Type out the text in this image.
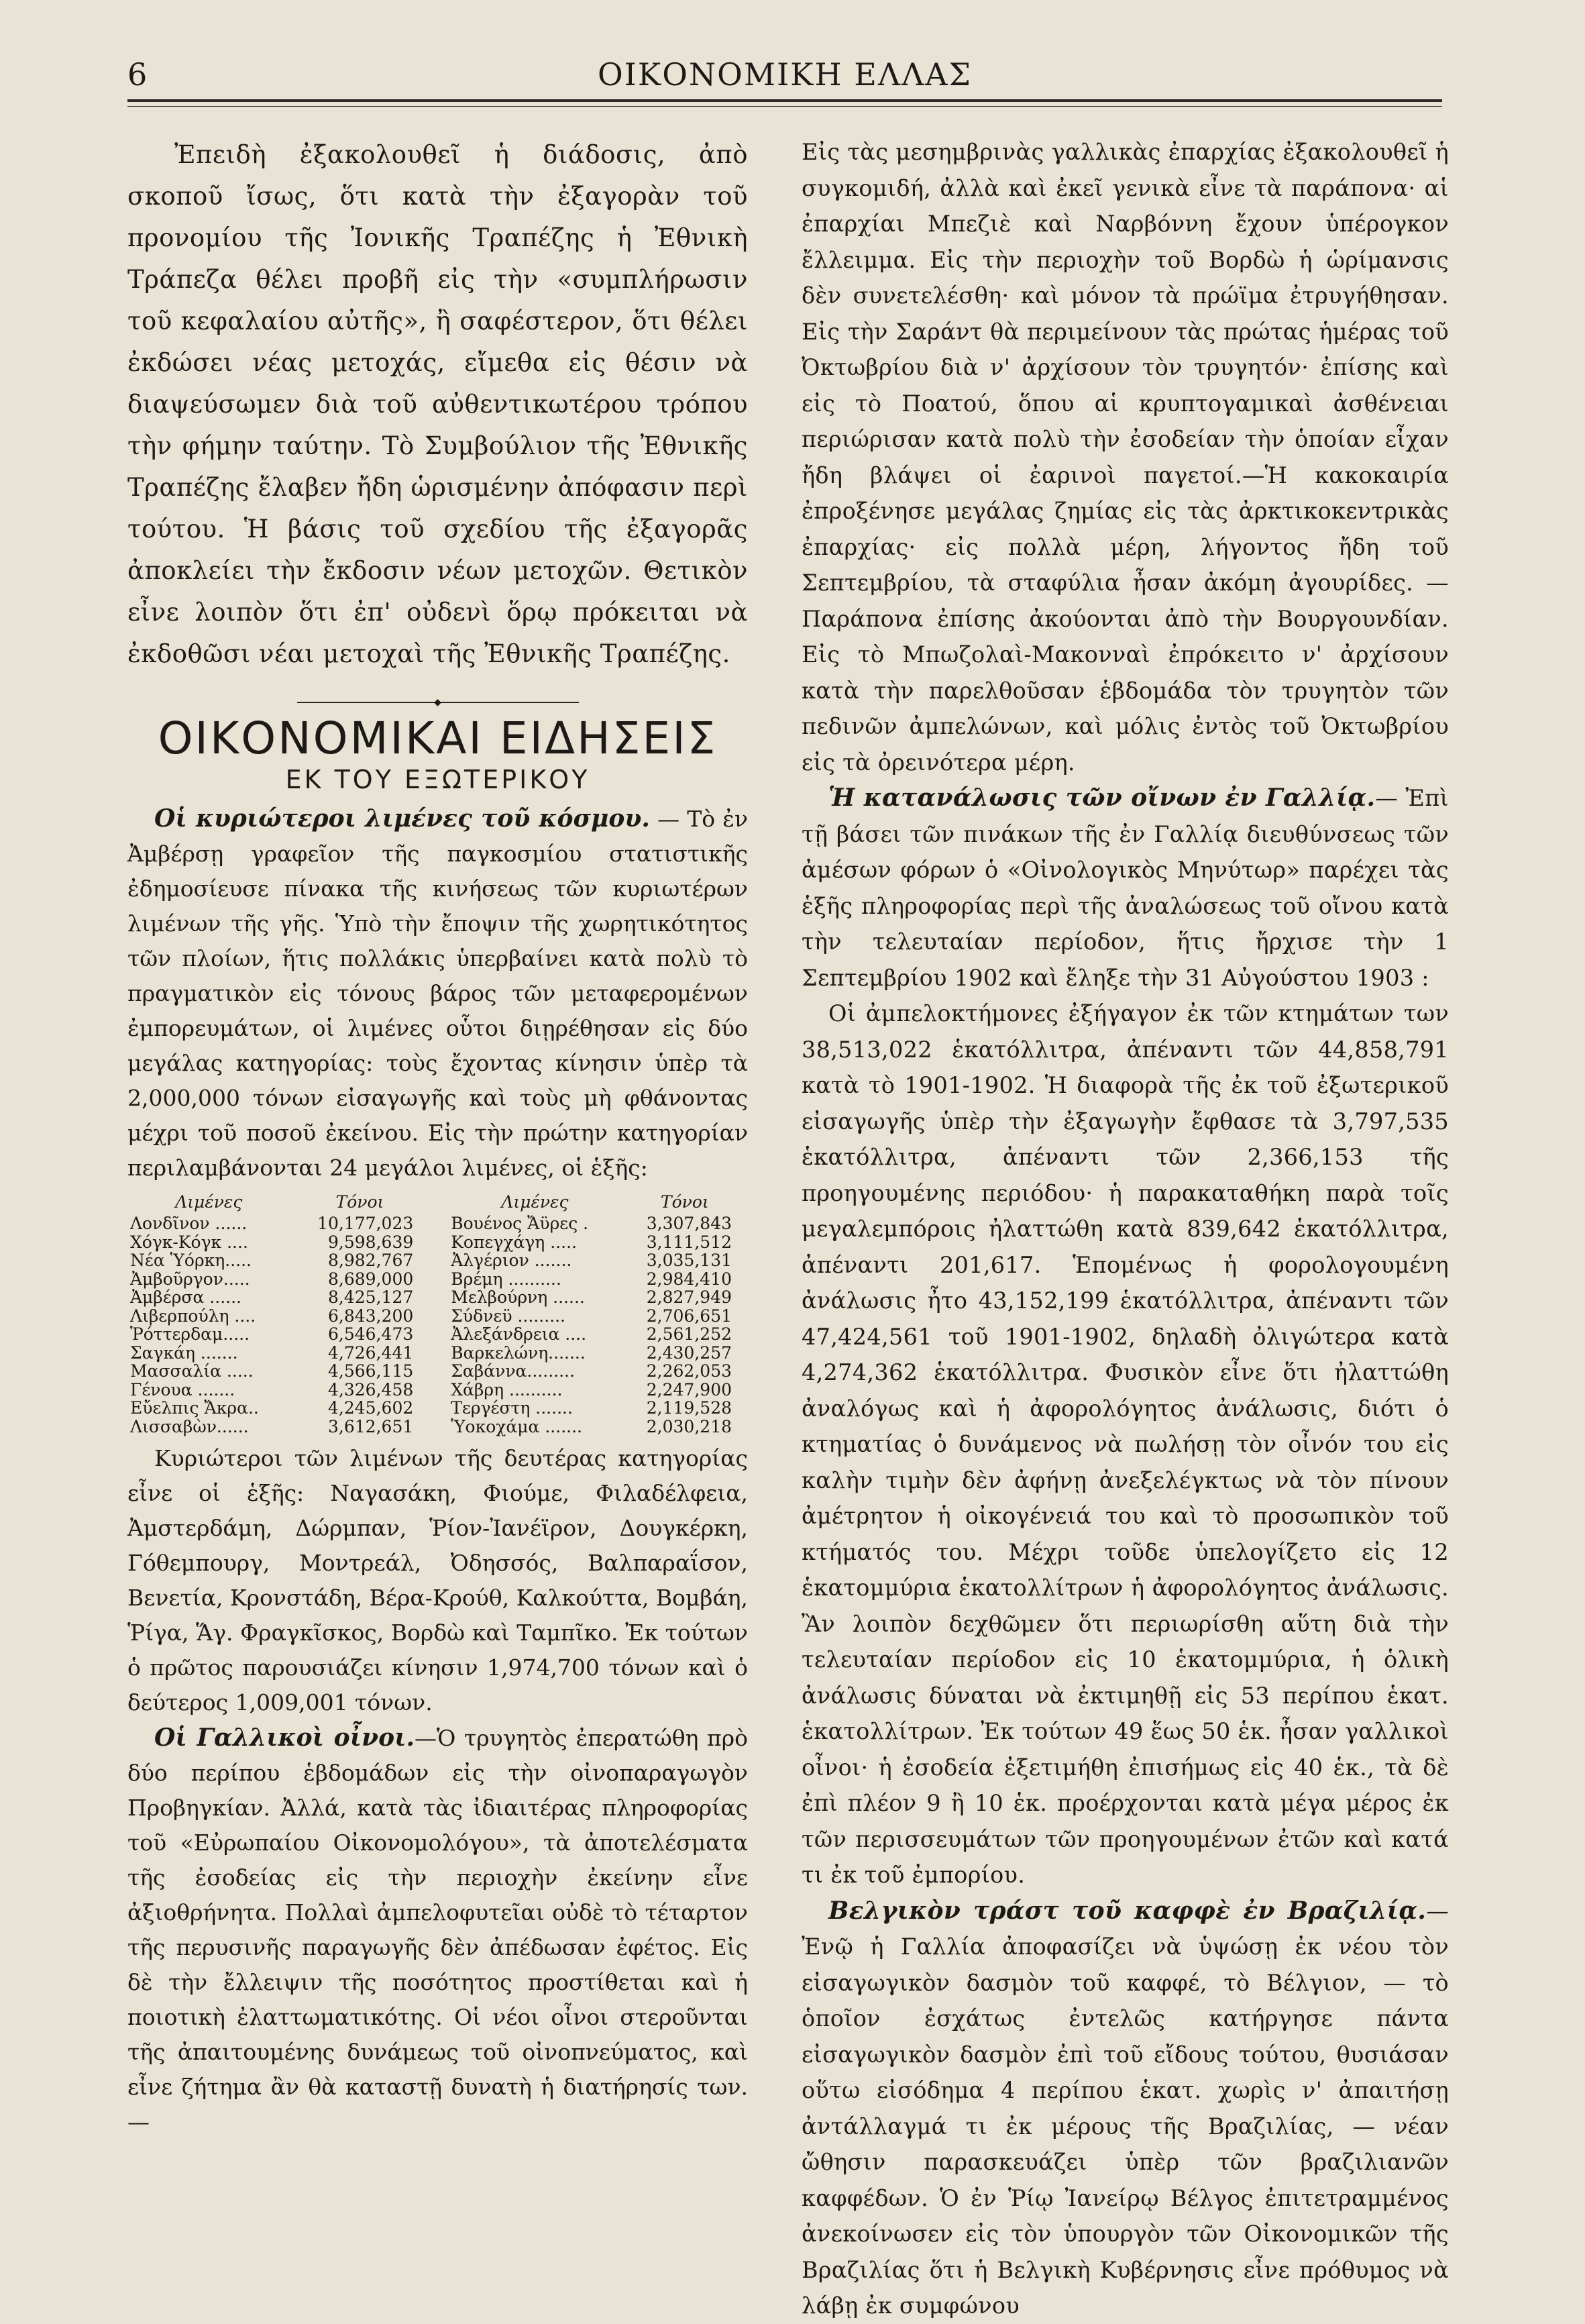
6	ΟΙΚΟΝΟΜΙΚΗ ΕΛΛΑΣ

Ἐπειδὴ ἐξακολουθεῖ ἡ διάδοσις, ἀπὸ σκοποῦ ἴσως, ὅτι κατὰ τὴν ἐξαγορὰν τοῦ προνομίου τῆς Ἰονικῆς Τραπέζης ἡ Ἐθνικὴ Τράπεζα θέλει προβῆ εἰς τὴν «συμπλήρωσιν τοῦ κεφαλαίου αὐτῆς», ἢ σαφέστερον, ὅτι θέλει ἐκδώσει νέας μετοχάς, εἴμεθα εἰς θέσιν νὰ διαψεύσωμεν διὰ τοῦ αὐθεντικωτέρου τρόπου τὴν φήμην ταύτην. Τὸ Συμβούλιον τῆς Ἐθνικῆς Τραπέζης ἔλαβεν ἤδη ὡρισμένην ἀπόφασιν περὶ τούτου. Ἡ βάσις τοῦ σχεδίου τῆς ἐξαγορᾶς ἀποκλείει τὴν ἔκδοσιν νέων μετοχῶν. Θετικὸν εἶνε λοιπὸν ὅτι ἐπ' οὐδενὶ ὅρῳ πρόκειται νὰ ἐκδοθῶσι νέαι μετοχαὶ τῆς Ἐθνικῆς Τραπέζης.

◆
ΟΙΚΟΝΟΜΙΚΑΙ ΕΙΔΗΣΕΙΣ
ΕΚ ΤΟΥ ΕΞΩΤΕΡΙΚΟΥ

Οἱ κυριώτεροι λιμένες τοῦ κόσμου. — Τὸ ἐν Ἀμβέρσῃ γραφεῖον τῆς παγκοσμίου στατιστικῆς ἐδημοσίευσε πίνακα τῆς κινήσεως τῶν κυριωτέρων λιμένων τῆς γῆς. Ὑπὸ τὴν ἔποψιν τῆς χωρητικότητος τῶν πλοίων, ἥτις πολλάκις ὑπερβαίνει κατὰ πολὺ τὸ πραγματικὸν εἰς τόνους βάρος τῶν μεταφερομένων ἐμπορευμάτων, οἱ λιμένες οὗτοι διῃρέθησαν εἰς δύο μεγάλας κατηγορίας: τοὺς ἔχοντας κίνησιν ὑπὲρ τὰ 2,000,000 τόνων εἰσαγωγῆς καὶ τοὺς μὴ φθάνοντας μέχρι τοῦ ποσοῦ ἐκείνου. Εἰς τὴν πρώτην κατηγορίαν περιλαμβάνονται 24 μεγάλοι λιμένες, οἱ ἑξῆς:

Λιμένες	Τόνοι		Λιμένες	Τόνοι
Λονδῖνον ......	10,177,023		Βουένος Ἄϋρες .	3,307,843
Χόγκ-Κόγκ ....	9,598,639		Κοπεγχάγη .....	3,111,512
Νέα Ὑόρκη.....	8,982,767		Ἀλγέριον .......	3,035,131
Ἀμβοῦργον.....	8,689,000		Βρέμη ..........	2,984,410
Ἀμβέρσα ......	8,425,127		Μελβούρνη ......	2,827,949
Λιβερπούλη ....	6,843,200		Σύδνεϋ .........	2,706,651
Ῥόττερδαμ.....	6,546,473		Ἀλεξάνδρεια ....	2,561,252
Σαγκάη .......	4,726,441		Βαρκελώνη.......	2,430,257
Μασσαλία .....	4,566,115		Σαβάννα.........	2,262,053
Γένουα .......	4,326,458		Χάβρη ..........	2,247,900
Εὔελπις Ἄκρα..	4,245,602		Τεργέστη .......	2,119,528
Λισσαβὼν......	3,612,651		Ὑοκοχάμα .......	2,030,218

Κυριώτεροι τῶν λιμένων τῆς δευτέρας κατηγορίας εἶνε οἱ ἑξῆς: Ναγασάκη, Φιούμε, Φιλαδέλφεια, Ἀμστερδάμη, Δώρμπαν, Ῥίον-Ἰανέϊρον, Δουγκέρκη, Γόθεμπουργ, Μοντρεάλ, Ὀδησσός, Βαλπαραΐσον, Βενετία, Κρονστάδη, Βέρα-Κρούθ, Καλκούττα, Βομβάη, Ῥίγα, Ἅγ. Φραγκῖσκος, Βορδὼ καὶ Ταμπῖκο. Ἐκ τούτων ὁ πρῶτος παρουσιάζει κίνησιν 1,974,700 τόνων καὶ ὁ δεύτερος 1,009,001 τόνων.

Οἱ Γαλλικοὶ οἶνοι.—Ὁ τρυγητὸς ἐπερατώθη πρὸ δύο περίπου ἑβδομάδων εἰς τὴν οἰνοπαραγωγὸν Προβηγκίαν. Ἀλλά, κατὰ τὰς ἰδιαιτέρας πληροφορίας τοῦ «Εὐρωπαίου Οἰκονομολόγου», τὰ ἀποτελέσματα τῆς ἐσοδείας εἰς τὴν περιοχὴν ἐκείνην εἶνε ἀξιοθρήνητα. Πολλαὶ ἀμπελοφυτεῖαι οὐδὲ τὸ τέταρτον τῆς περυσινῆς παραγωγῆς δὲν ἀπέδωσαν ἐφέτος. Εἰς δὲ τὴν ἔλλειψιν τῆς ποσότητος προστίθεται καὶ ἡ ποιοτικὴ ἐλαττωματικότης. Οἱ νέοι οἶνοι στεροῦνται τῆς ἀπαιτουμένης δυνάμεως τοῦ οἰνοπνεύματος, καὶ εἶνε ζήτημα ἂν θὰ καταστῇ δυνατὴ ἡ διατήρησίς των. —

Εἰς τὰς μεσημβρινὰς γαλλικὰς ἐπαρχίας ἐξακολουθεῖ ἡ συγκομιδή, ἀλλὰ καὶ ἐκεῖ γενικὰ εἶνε τὰ παράπονα· αἱ ἐπαρχίαι Μπεζιὲ καὶ Ναρβόννη ἔχουν ὑπέρογκον ἔλλειμμα. Εἰς τὴν περιοχὴν τοῦ Βορδὼ ἡ ὡρίμανσις δὲν συνετελέσθη· καὶ μόνον τὰ πρώϊμα ἐτρυγήθησαν. Εἰς τὴν Σαράντ θὰ περιμείνουν τὰς πρώτας ἡμέρας τοῦ Ὀκτωβρίου διὰ ν' ἀρχίσουν τὸν τρυγητόν· ἐπίσης καὶ εἰς τὸ Ποατού, ὅπου αἱ κρυπτογαμικαὶ ἀσθένειαι περιώρισαν κατὰ πολὺ τὴν ἐσοδείαν τὴν ὁποίαν εἶχαν ἤδη βλάψει οἱ ἐαρινοὶ παγετοί.—Ἡ κακοκαιρία ἐπροξένησε μεγάλας ζημίας εἰς τὰς ἀρκτικοκεντρικὰς ἐπαρχίας· εἰς πολλὰ μέρη, λήγοντος ἤδη τοῦ Σεπτεμβρίου, τὰ σταφύλια ἦσαν ἀκόμη ἀγουρίδες. — Παράπονα ἐπίσης ἀκούονται ἀπὸ τὴν Βουργουνδίαν. Εἰς τὸ Μπωζολαὶ-Μακονναὶ ἐπρόκειτο ν' ἀρχίσουν κατὰ τὴν παρελθοῦσαν ἑβδομάδα τὸν τρυγητὸν τῶν πεδινῶν ἀμπελώνων, καὶ μόλις ἐντὸς τοῦ Ὀκτωβρίου εἰς τὰ ὀρεινότερα μέρη.

Ἡ κατανάλωσις τῶν οἴνων ἐν Γαλλίᾳ.— Ἐπὶ τῇ βάσει τῶν πινάκων τῆς ἐν Γαλλίᾳ διευθύνσεως τῶν ἀμέσων φόρων ὁ «Οἰνολογικὸς Μηνύτωρ» παρέχει τὰς ἑξῆς πληροφορίας περὶ τῆς ἀναλώσεως τοῦ οἴνου κατὰ τὴν τελευταίαν περίοδον, ἥτις ἤρχισε τὴν 1 Σεπτεμβρίου 1902 καὶ ἔληξε τὴν 31 Αὐγούστου 1903 :

Οἱ ἀμπελοκτήμονες ἐξήγαγον ἐκ τῶν κτημάτων των 38,513,022 ἑκατόλλιτρα, ἀπέναντι τῶν 44,858,791 κατὰ τὸ 1901-1902. Ἡ διαφορὰ τῆς ἐκ τοῦ ἐξωτερικοῦ εἰσαγωγῆς ὑπὲρ τὴν ἐξαγωγὴν ἔφθασε τὰ 3,797,535 ἑκατόλλιτρα, ἀπέναντι τῶν 2,366,153 τῆς προηγουμένης περιόδου· ἡ παρακαταθήκη παρὰ τοῖς μεγαλεμπόροις ἠλαττώθη κατὰ 839,642 ἑκατόλλιτρα, ἀπέναντι 201,617. Ἑπομένως ἡ φορολογουμένη ἀνάλωσις ἦτο 43,152,199 ἑκατόλλιτρα, ἀπέναντι τῶν 47,424,561 τοῦ 1901-1902, δηλαδὴ ὀλιγώτερα κατὰ 4,274,362 ἑκατόλλιτρα. Φυσικὸν εἶνε ὅτι ἠλαττώθη ἀναλόγως καὶ ἡ ἀφορολόγητος ἀνάλωσις, διότι ὁ κτηματίας ὁ δυνάμενος νὰ πωλήσῃ τὸν οἶνόν του εἰς καλὴν τιμὴν δὲν ἀφήνῃ ἀνεξελέγκτως νὰ τὸν πίνουν ἀμέτρητον ἡ οἰκογένειά του καὶ τὸ προσωπικὸν τοῦ κτήματός του. Μέχρι τοῦδε ὑπελογίζετο εἰς 12 ἑκατομμύρια ἑκατολλίτρων ἡ ἀφορολόγητος ἀνάλωσις. Ἂν λοιπὸν δεχθῶμεν ὅτι περιωρίσθη αὕτη διὰ τὴν τελευταίαν περίοδον εἰς 10 ἑκατομμύρια, ἡ ὁλικὴ ἀνάλωσις δύναται νὰ ἐκτιμηθῇ εἰς 53 περίπου ἑκατ. ἑκατολλίτρων. Ἐκ τούτων 49 ἕως 50 ἑκ. ἦσαν γαλλικοὶ οἶνοι· ἡ ἐσοδεία ἐξετιμήθη ἐπισήμως εἰς 40 ἑκ., τὰ δὲ ἐπὶ πλέον 9 ἢ 10 ἑκ. προέρχονται κατὰ μέγα μέρος ἐκ τῶν περισσευμάτων τῶν προηγουμένων ἐτῶν καὶ κατά τι ἐκ τοῦ ἐμπορίου.

Βελγικὸν τράστ τοῦ καφφὲ ἐν Βραζιλίᾳ.— Ἐνῷ ἡ Γαλλία ἀποφασίζει νὰ ὑψώσῃ ἐκ νέου τὸν εἰσαγωγικὸν δασμὸν τοῦ καφφέ, τὸ Βέλγιον, — τὸ ὁποῖον ἐσχάτως ἐντελῶς κατήργησε πάντα εἰσαγωγικὸν δασμὸν ἐπὶ τοῦ εἴδους τούτου, θυσιάσαν οὕτω εἰσόδημα 4 περίπου ἑκατ. χωρὶς ν' ἀπαιτήσῃ ἀντάλλαγμά τι ἐκ μέρους τῆς Βραζιλίας, — νέαν ὤθησιν παρασκευάζει ὑπὲρ τῶν βραζιλιανῶν καφφέδων. Ὁ ἐν Ῥίῳ Ἰανείρῳ Βέλγος ἐπιτετραμμένος ἀνεκοίνωσεν εἰς τὸν ὑπουργὸν τῶν Οἰκονομικῶν τῆς Βραζιλίας ὅτι ἡ Βελγικὴ Κυβέρνησις εἶνε πρόθυμος νὰ λάβῃ ἐκ συμφώνου
